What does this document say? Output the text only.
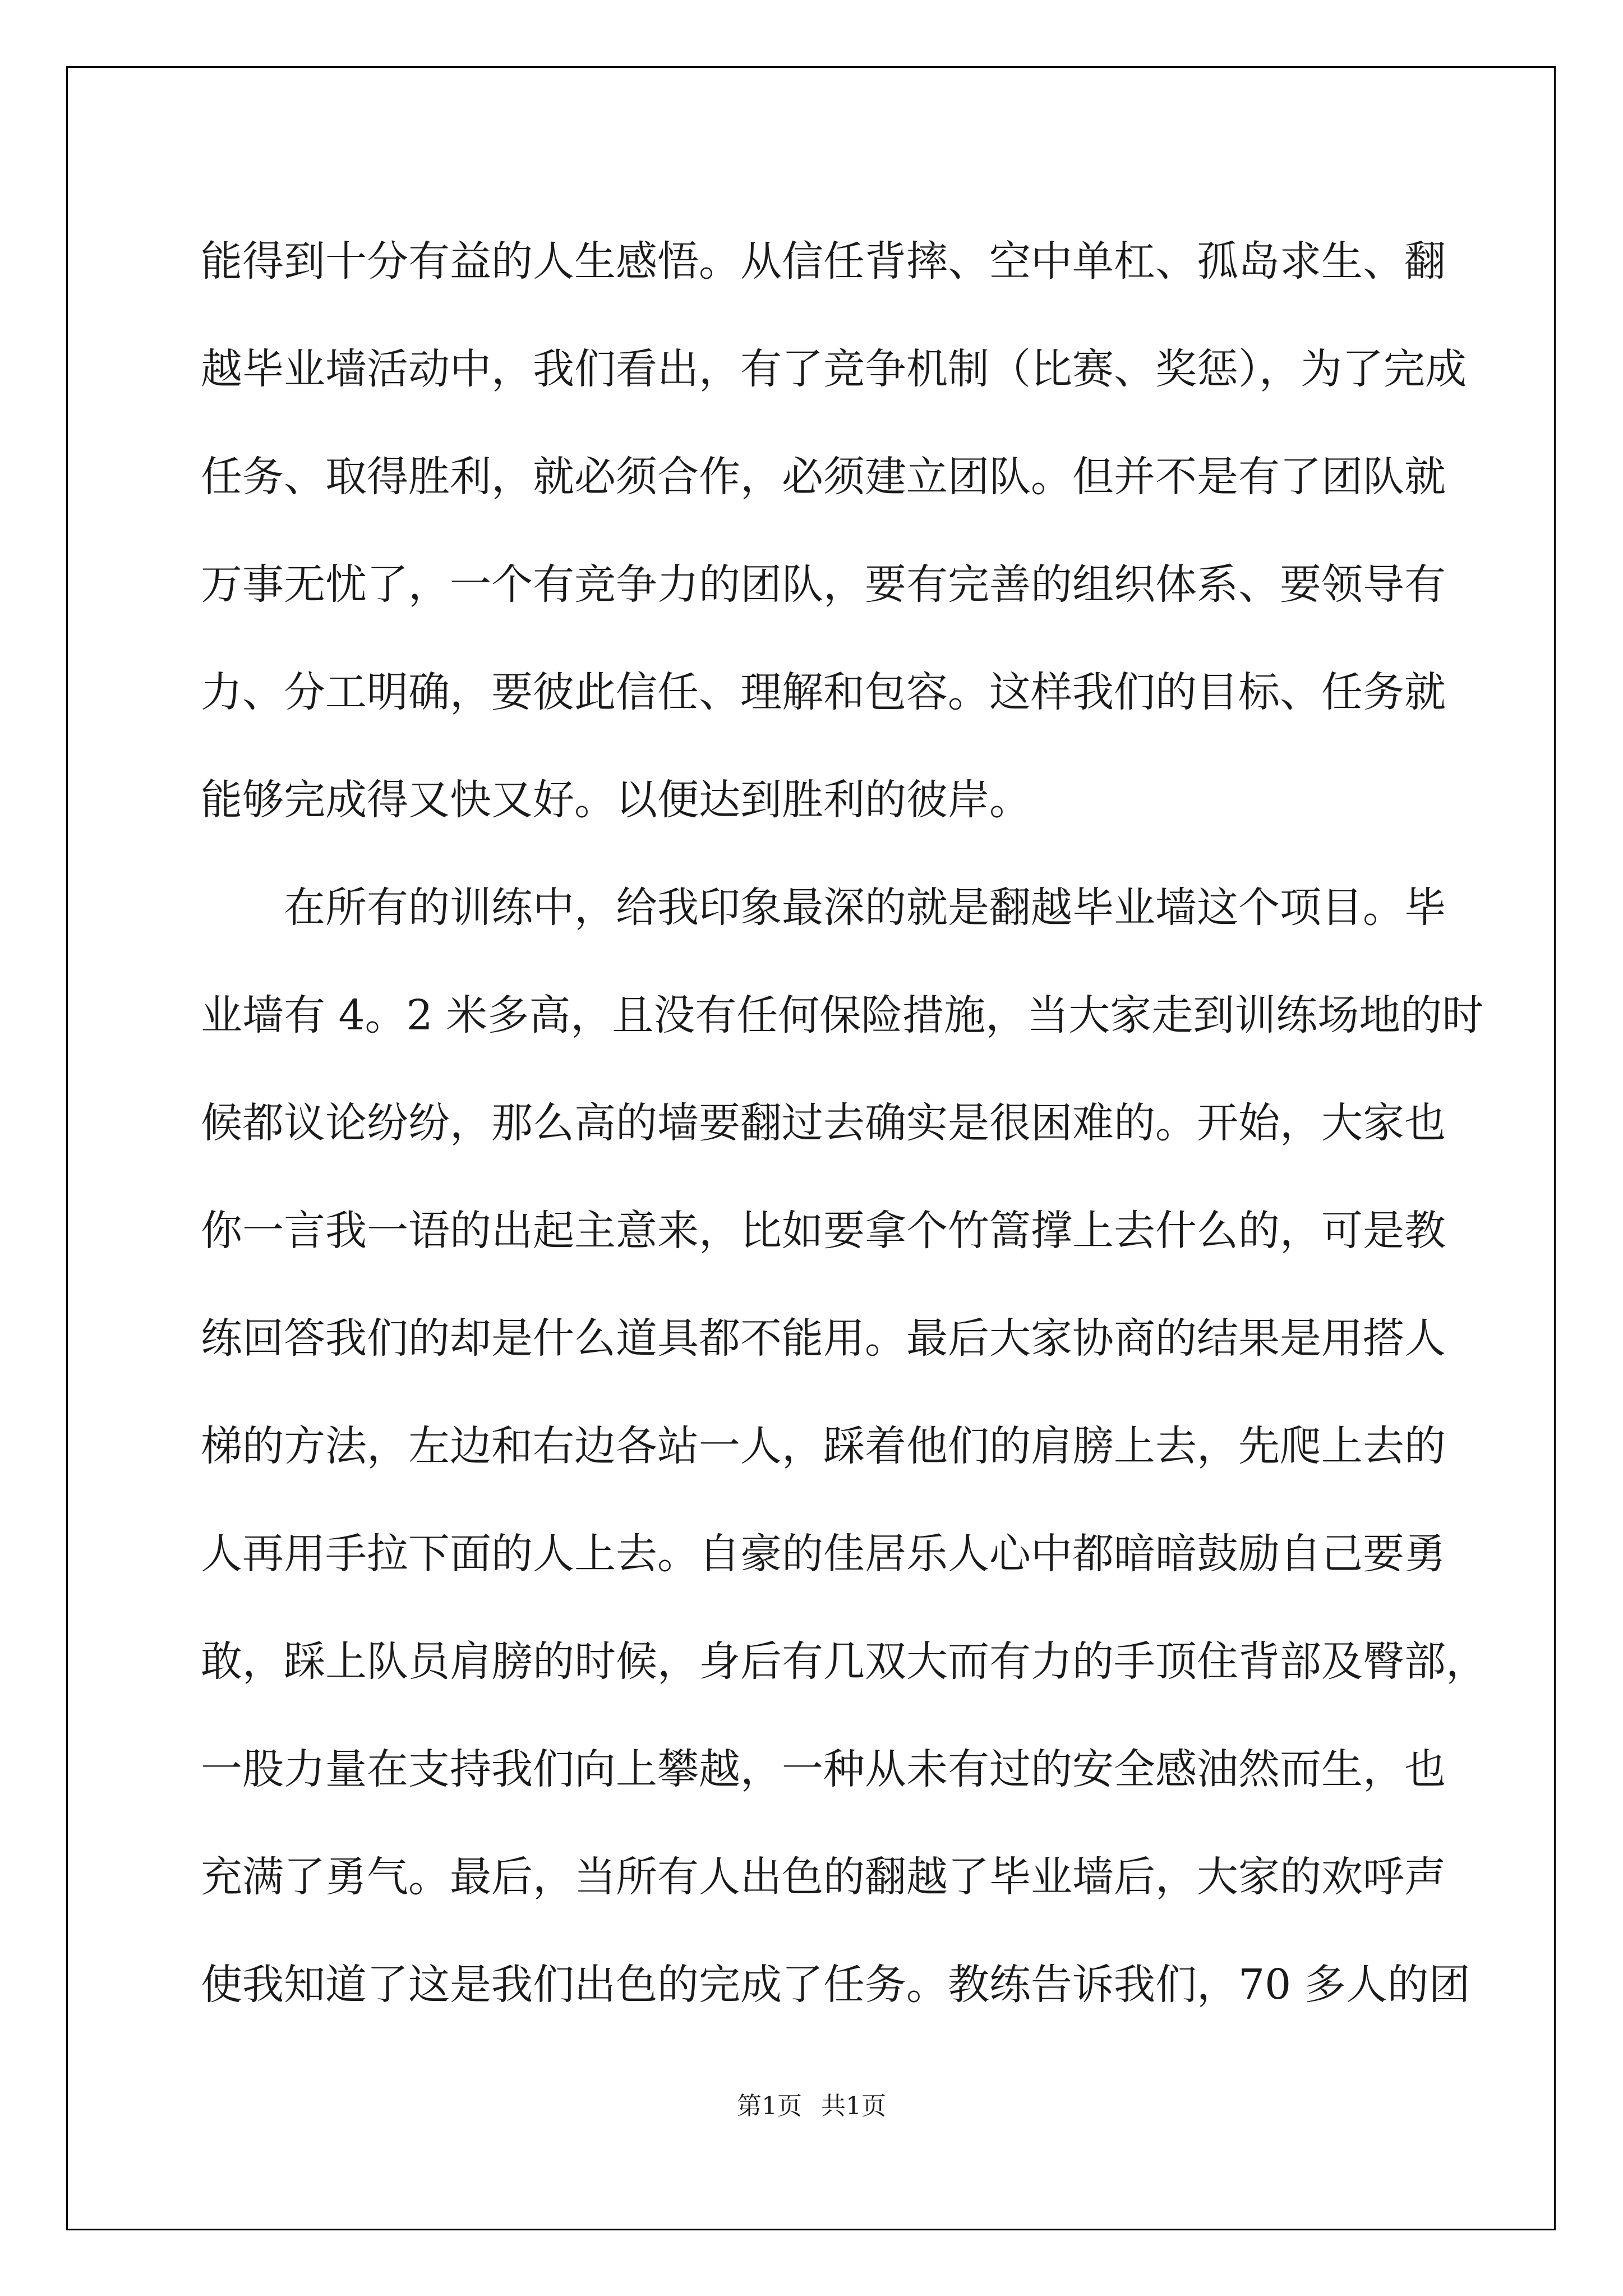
能得到十分有益的人生感悟。从信任背摔、空中单杠、孤岛求生、翻
越毕业墙活动中，我们看出，有了竞争机制（比赛、奖惩），为了完成
任务、取得胜利，就必须合作，必须建立团队。但并不是有了团队就
万事无忧了，一个有竞争力的团队，要有完善的组织体系、要领导有
力、分工明确，要彼此信任、理解和包容。这样我们的目标、任务就
能够完成得又快又好。以便达到胜利的彼岸。
在所有的训练中，给我印象最深的就是翻越毕业墙这个项目。毕
业墙有 4。2 米多高，且没有任何保险措施，当大家走到训练场地的时
候都议论纷纷，那么高的墙要翻过去确实是很困难的。开始，大家也
你一言我一语的出起主意来，比如要拿个竹篙撑上去什么的，可是教
练回答我们的却是什么道具都不能用。最后大家协商的结果是用搭人
梯的方法，左边和右边各站一人，踩着他们的肩膀上去，先爬上去的
人再用手拉下面的人上去。自豪的佳居乐人心中都暗暗鼓励自己要勇
敢，踩上队员肩膀的时候，身后有几双大而有力的手顶住背部及臀部，
一股力量在支持我们向上攀越，一种从未有过的安全感油然而生，也
充满了勇气。最后，当所有人出色的翻越了毕业墙后，大家的欢呼声
使我知道了这是我们出色的完成了任务。教练告诉我们，70 多人的团
第1页 共1页
